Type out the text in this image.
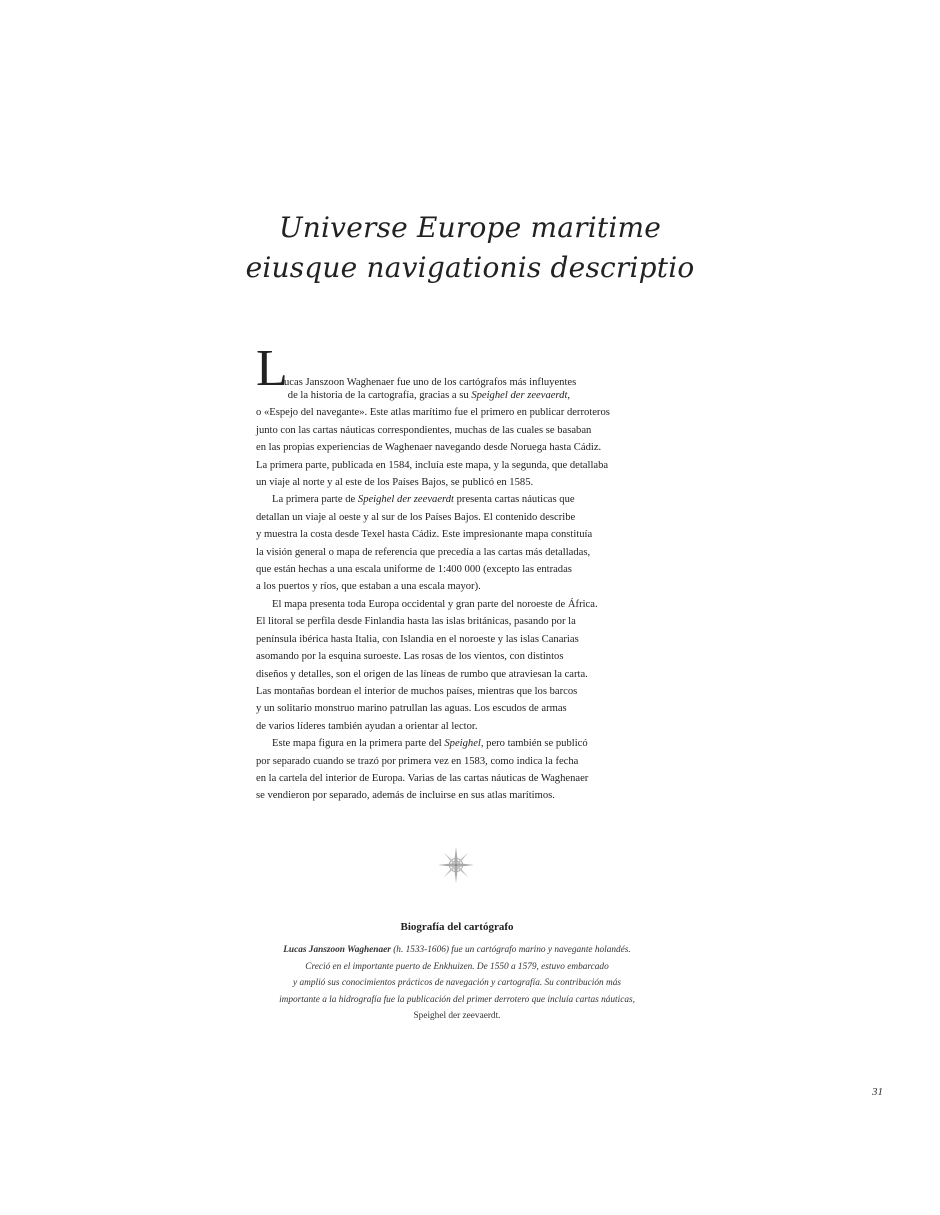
Universe Europe maritime
eiusque navigationis descriptio
L
ucas Janszoon Waghenaer fue uno de los cartógrafos más influyentes
de la historia de la cartografía, gracias a su Speighel der zeevaerdt,
o «Espejo del navegante». Este atlas marítimo fue el primero en publicar derroteros
junto con las cartas náuticas correspondientes, muchas de las cuales se basaban
en las propias experiencias de Waghenaer navegando desde Noruega hasta Cádiz.
La primera parte, publicada en 1584, incluía este mapa, y la segunda, que detallaba
un viaje al norte y al este de los Países Bajos, se publicó en 1585.
La primera parte de Speighel der zeevaerdt presenta cartas náuticas que
detallan un viaje al oeste y al sur de los Países Bajos. El contenido describe
y muestra la costa desde Texel hasta Cádiz. Este impresionante mapa constituía
la visión general o mapa de referencia que precedía a las cartas más detalladas,
que están hechas a una escala uniforme de 1:400 000 (excepto las entradas
a los puertos y ríos, que estaban a una escala mayor).
El mapa presenta toda Europa occidental y gran parte del noroeste de África.
El litoral se perfila desde Finlandia hasta las islas británicas, pasando por la
península ibérica hasta Italia, con Islandia en el noroeste y las islas Canarias
asomando por la esquina suroeste. Las rosas de los vientos, con distintos
diseños y detalles, son el origen de las líneas de rumbo que atraviesan la carta.
Las montañas bordean el interior de muchos países, mientras que los barcos
y un solitario monstruo marino patrullan las aguas. Los escudos de armas
de varios líderes también ayudan a orientar al lector.
Este mapa figura en la primera parte del Speighel, pero también se publicó
por separado cuando se trazó por primera vez en 1583, como indica la fecha
en la cartela del interior de Europa. Varias de las cartas náuticas de Waghenaer
se vendieron por separado, además de incluirse en sus atlas marítimos.
Biografía del cartógrafo
Lucas Janszoon Waghenaer (h. 1533-1606) fue un cartógrafo marino y navegante holandés.
Creció en el importante puerto de Enkhuizen. De 1550 a 1579, estuvo embarcado
y amplió sus conocimientos prácticos de navegación y cartografía. Su contribución más
importante a la hidrografía fue la publicación del primer derrotero que incluía cartas náuticas,
Speighel der zeevaerdt.
31
